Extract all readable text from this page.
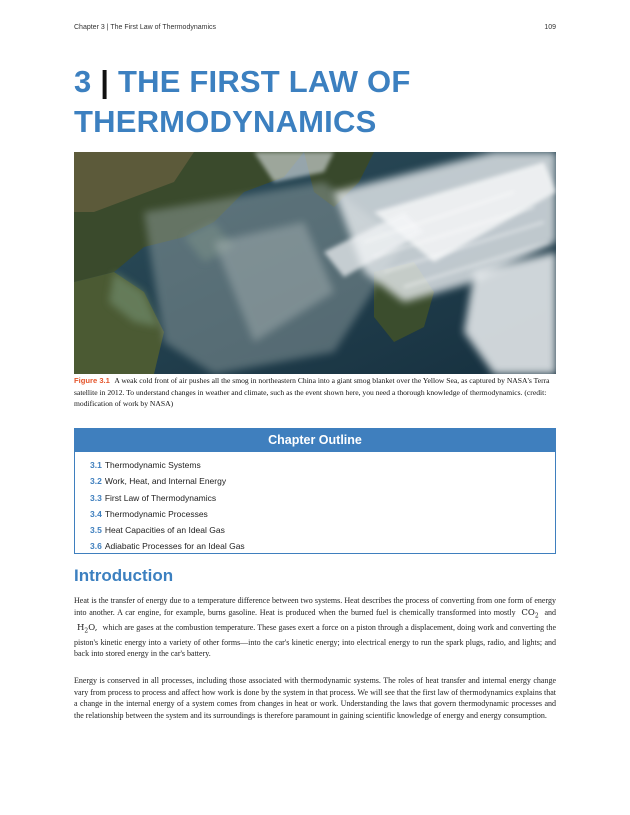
Chapter 3 | The First Law of Thermodynamics	109
3 | THE FIRST LAW OF THERMODYNAMICS
Figure 3.1 A weak cold front of air pushes all the smog in northeastern China into a giant smog blanket over the Yellow Sea, as captured by NASA's Terra satellite in 2012. To understand changes in weather and climate, such as the event shown here, you need a thorough knowledge of thermodynamics. (credit: modification of work by NASA)
Chapter Outline
3.1 Thermodynamic Systems
3.2 Work, Heat, and Internal Energy
3.3 First Law of Thermodynamics
3.4 Thermodynamic Processes
3.5 Heat Capacities of an Ideal Gas
3.6 Adiabatic Processes for an Ideal Gas
Introduction

Heat is the transfer of energy due to a temperature difference between two systems. Heat describes the process of converting from one form of energy into another. A car engine, for example, burns gasoline. Heat is produced when the burned fuel is chemically transformed into mostly $CO_2$ and $H_2O$, which are gases at the combustion temperature. These gases exert a force on a piston through a displacement, doing work and converting the piston's kinetic energy into a variety of other forms—into the car's kinetic energy; into electrical energy to run the spark plugs, radio, and lights; and back into stored energy in the car's battery.

Energy is conserved in all processes, including those associated with thermodynamic systems. The roles of heat transfer and internal energy change vary from process to process and affect how work is done by the system in that process. We will see that the first law of thermodynamics explains that a change in the internal energy of a system comes from changes in heat or work. Understanding the laws that govern thermodynamic processes and the relationship between the system and its surroundings is therefore paramount in gaining scientific knowledge of energy and energy consumption.
